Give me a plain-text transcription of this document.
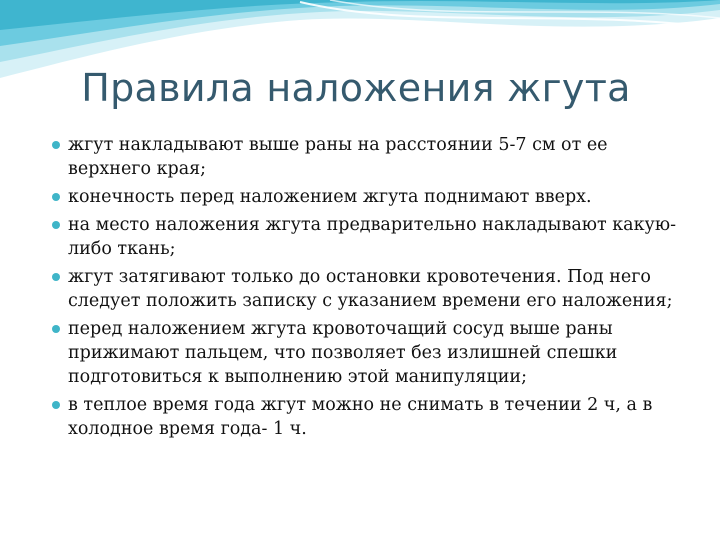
Правила наложения жгута
жгут накладывают выше раны на расстоянии 5-7 см от ее верхнего края;
конечность перед наложением жгута поднимают вверх.
на место наложения жгута предварительно накладывают какую-либо ткань;
жгут затягивают только до остановки кровотечения. Под него следует положить записку с указанием времени его наложения;
перед наложением жгута кровоточащий сосуд выше раны прижимают пальцем, что позволяет без излишней спешки подготовиться к выполнению этой манипуляции;
в теплое время года жгут можно не снимать в течении 2 ч, а в холодное время года- 1 ч.
